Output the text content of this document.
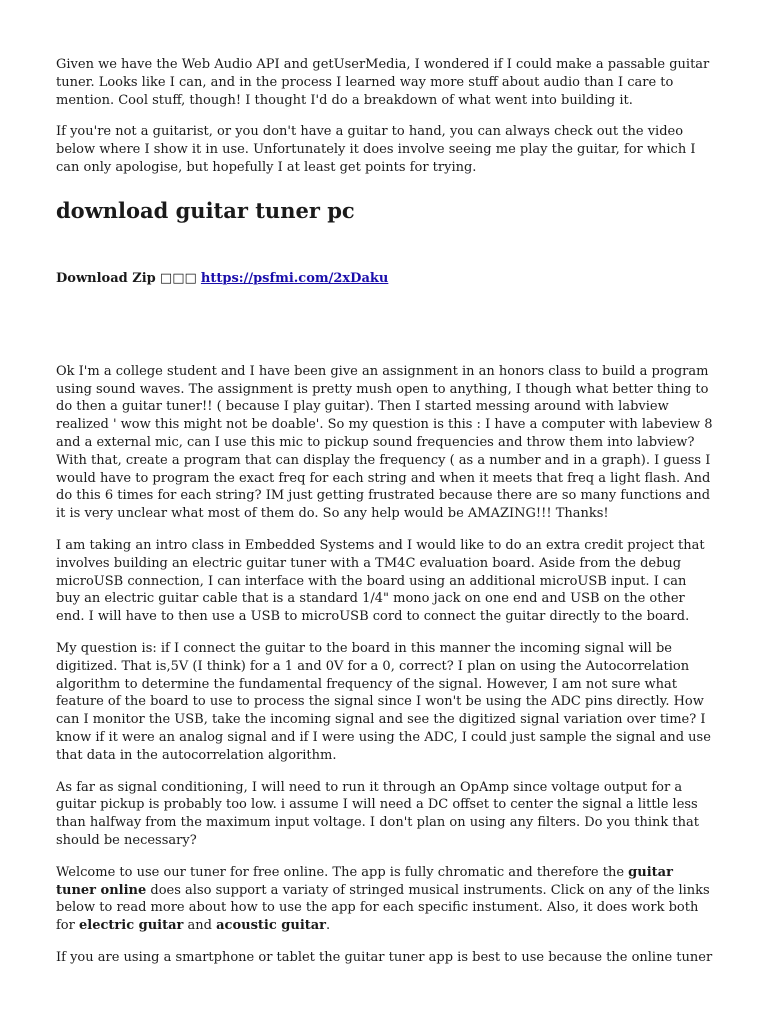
Given we have the Web Audio API and getUserMedia, I wondered if I could make a passable guitar tuner. Looks like I can, and in the process I learned way more stuff about audio than I care to mention. Cool stuff, though! I thought I'd do a breakdown of what went into building it.

If you're not a guitarist, or you don't have a guitar to hand, you can always check out the video below where I show it in use. Unfortunately it does involve seeing me play the guitar, for which I can only apologise, but hopefully I at least get points for trying.

download guitar tuner pc
Download Zip □□□ https://psfmi.com/2xDaku

Ok I'm a college student and I have been give an assignment in an honors class to build a program using sound waves. The assignment is pretty mush open to anything, I though what better thing to do then a guitar tuner!! ( because I play guitar). Then I started messing around with labview realized ' wow this might not be doable'. So my question is this : I have a computer with labeview 8 and a external mic, can I use this mic to pickup sound frequencies and throw them into labview? With that, create a program that can display the frequency ( as a number and in a graph). I guess I would have to program the exact freq for each string and when it meets that freq a light flash. And do this 6 times for each string? IM just getting frustrated because there are so many functions and it is very unclear what most of them do. So any help would be AMAZING!!! Thanks!

I am taking an intro class in Embedded Systems and I would like to do an extra credit project that involves building an electric guitar tuner with a TM4C evaluation board. Aside from the debug microUSB connection, I can interface with the board using an additional microUSB input. I can buy an electric guitar cable that is a standard 1/4" mono jack on one end and USB on the other end. I will have to then use a USB to microUSB cord to connect the guitar directly to the board.

My question is: if I connect the guitar to the board in this manner the incoming signal will be digitized. That is,5V (I think) for a 1 and 0V for a 0, correct? I plan on using the Autocorrelation algorithm to determine the fundamental frequency of the signal. However, I am not sure what feature of the board to use to process the signal since I won't be using the ADC pins directly. How can I monitor the USB, take the incoming signal and see the digitized signal variation over time? I know if it were an analog signal and if I were using the ADC, I could just sample the signal and use that data in the autocorrelation algorithm.

As far as signal conditioning, I will need to run it through an OpAmp since voltage output for a guitar pickup is probably too low. i assume I will need a DC offset to center the signal a little less than halfway from the maximum input voltage. I don't plan on using any filters. Do you think that should be necessary?

Welcome to use our tuner for free online. The app is fully chromatic and therefore the guitar tuner online does also support a variaty of stringed musical instruments. Click on any of the links below to read more about how to use the app for each specific instument. Also, it does work both for electric guitar and acoustic guitar.

If you are using a smartphone or tablet the guitar tuner app is best to use because the online tuner
